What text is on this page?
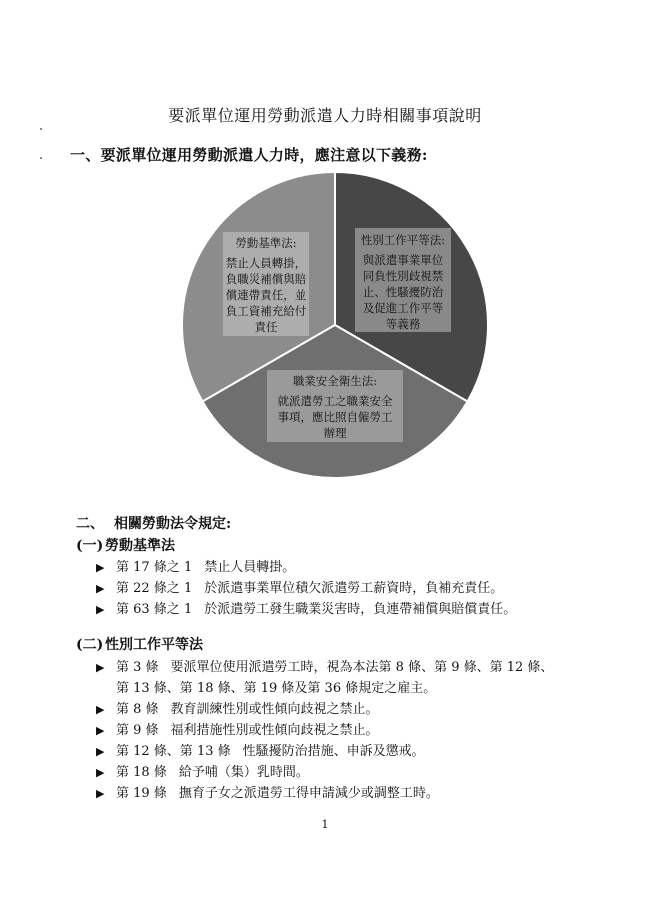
要派單位運用勞動派遣人力時相關事項說明
一、要派單位運用勞動派遣人力時，應注意以下義務:
勞動基準法:
禁止人員轉掛，
負職災補償與賠
償連帶責任，並
負工資補充給付
責任
性別工作平等法:
與派遣事業單位
同負性別歧視禁
止、性騷擾防治
及促進工作平等
等義務
職業安全衛生法:
就派遣勞工之職業安全
事項，應比照自僱勞工
辦理
二、 相關勞動法令規定:
(一) 勞動基準法
▶ 第 17 條之 1 禁止人員轉掛。
▶ 第 22 條之 1 於派遣事業單位積欠派遣勞工薪資時，負補充責任。
▶ 第 63 條之 1 於派遣勞工發生職業災害時，負連帶補償與賠償責任。
(二) 性別工作平等法
▶ 第 3 條 要派單位使用派遣勞工時，視為本法第 8 條、第 9 條、第 12 條、
第 13 條、第 18 條、第 19 條及第 36 條規定之雇主。
▶ 第 8 條 教育訓練性別或性傾向歧視之禁止。
▶ 第 9 條 福利措施性別或性傾向歧視之禁止。
▶ 第 12 條、第 13 條 性騷擾防治措施、申訴及懲戒。
▶ 第 18 條 給予哺（集）乳時間。
▶ 第 19 條 撫育子女之派遣勞工得申請減少或調整工時。
1
